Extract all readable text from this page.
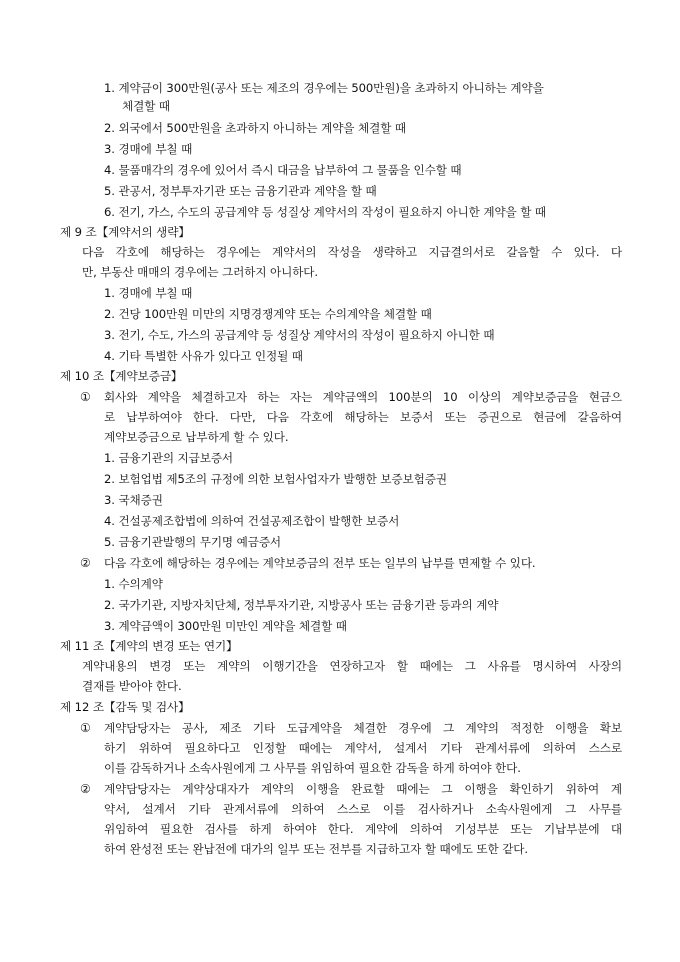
1. 계약금이 300만원(공사 또는 제조의 경우에는 500만원)을 초과하지 아니하는 계약을
체결할 때
2. 외국에서 500만원을 초과하지 아니하는 계약을 체결할 때
3. 경매에 부칠 때
4. 물품매각의 경우에 있어서 즉시 대금을 납부하여 그 물품을 인수할 때
5. 관공서, 정부투자기관 또는 금융기관과 계약을 할 때
6. 전기, 가스, 수도의 공급계약 등 성질상 계약서의 작성이 필요하지 아니한 계약을 할 때
제 9 조【계약서의 생략】
다음 각호에 해당하는 경우에는 계약서의 작성을 생략하고 지급결의서로 갈음할 수 있다. 다
만, 부동산 매매의 경우에는 그러하지 아니하다.
1. 경매에 부칠 때
2. 건당 100만원 미만의 지명경쟁계약 또는 수의계약을 체결할 때
3. 전기, 수도, 가스의 공급계약 등 성질상 계약서의 작성이 필요하지 아니한 때
4. 기타 특별한 사유가 있다고 인정될 때
제 10 조【계약보증금】
① 회사와 계약을 체결하고자 하는 자는 계약금액의 100분의 10 이상의 계약보증금을 현금으
로 납부하여야 한다. 다만, 다음 각호에 해당하는 보증서 또는 증권으로 현금에 갈음하여
계약보증금으로 납부하게 할 수 있다.
1. 금융기관의 지급보증서
2. 보험업법 제5조의 규정에 의한 보험사업자가 발행한 보증보험증권
3. 국채증권
4. 건설공제조합법에 의하여 건설공제조합이 발행한 보증서
5. 금융기관발행의 무기명 예금증서
② 다음 각호에 해당하는 경우에는 계약보증금의 전부 또는 일부의 납부를 면제할 수 있다.
1. 수의계약
2. 국가기관, 지방자치단체, 정부투자기관, 지방공사 또는 금융기관 등과의 계약
3. 계약금액이 300만원 미만인 계약을 체결할 때
제 11 조【계약의 변경 또는 연기】
계약내용의 변경 또는 계약의 이행기간을 연장하고자 할 때에는 그 사유를 명시하여 사장의
결재를 받아야 한다.
제 12 조【감독 및 검사】
① 계약담당자는 공사, 제조 기타 도급계약을 체결한 경우에 그 계약의 적정한 이행을 확보
하기 위하여 필요하다고 인정할 때에는 계약서, 설계서 기타 관계서류에 의하여 스스로
이를 감독하거나 소속사원에게 그 사무를 위임하여 필요한 감독을 하게 하여야 한다.
② 계약담당자는 계약상대자가 계약의 이행을 완료할 때에는 그 이행을 확인하기 위하여 계
약서, 설계서 기타 관계서류에 의하여 스스로 이를 검사하거나 소속사원에게 그 사무를
위임하여 필요한 검사를 하게 하여야 한다. 계약에 의하여 기성부분 또는 기납부분에 대
하여 완성전 또는 완납전에 대가의 일부 또는 전부를 지급하고자 할 때에도 또한 같다.
